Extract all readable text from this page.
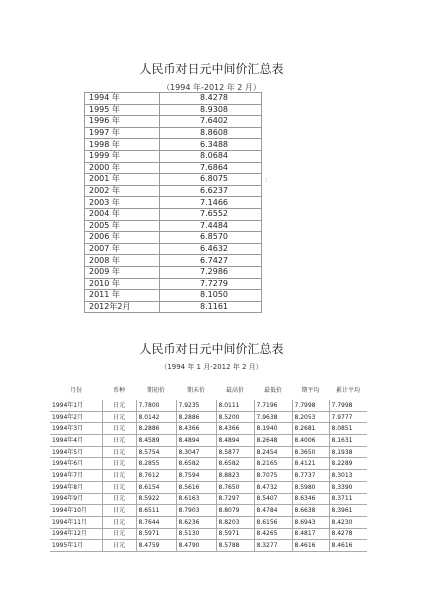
人民币对日元中间价汇总表
（1994 年-2012 年 2 月）
1994 年	8.4278
1995 年	8.9308
1996 年	7.6402
1997 年	8.8608
1998 年	6.3488
1999 年	8.0684
2000 年	7.6864
2001 年	6.8075
2002 年	6.6237
2003 年	7.1466
2004 年	7.6552
2005 年	7.4484
2006 年	6.8570
2007 年	6.4632
2008 年	6.7427
2009 年	7.2986
2010 年	7.7279
2011 年	8.1050
2012年2月	8.1161
:
·
人民币对日元中间价汇总表
（1994 年 1 月-2012 年 2 月）
月份	币种	期初价	期末价	最高价	最低价	期平均	累计平均
1994年1月	日元	7.7800	7.9235	8.0111	7.7196	7.7998	7.7998
1994年2月	日元	8.0142	8.2886	8.5200	7.9638	8.2053	7.9777
1994年3月	日元	8.2886	8.4366	8.4366	8.1940	8.2681	8.0851
1994年4月	日元	8.4589	8.4894	8.4894	8.2648	8.4006	8.1631
1994年5月	日元	8.5754	8.3047	8.5877	8.2454	8.3650	8.1938
1994年6月	日元	8.2855	8.6582	8.6582	8.2165	8.4121	8.2289
1994年7月	日元	8.7612	8.7594	8.8823	8.7075	8.7737	8.3013
1994年8月	日元	8.6154	8.5616	8.7650	8.4732	8.5980	8.3390
1994年9月	日元	8.5922	8.6163	8.7297	8.5407	8.6346	8.3711
1994年10月	日元	8.6511	8.7903	8.8079	8.4784	8.6638	8.3961
1994年11月	日元	8.7644	8.6236	8.8203	8.6156	8.6943	8.4230
1994年12月	日元	8.5971	8.5130	8.5971	8.4265	8.4817	8.4278
1995年1月	日元	8.4759	8.4790	8.5788	8.3277	8.4616	8.4616
